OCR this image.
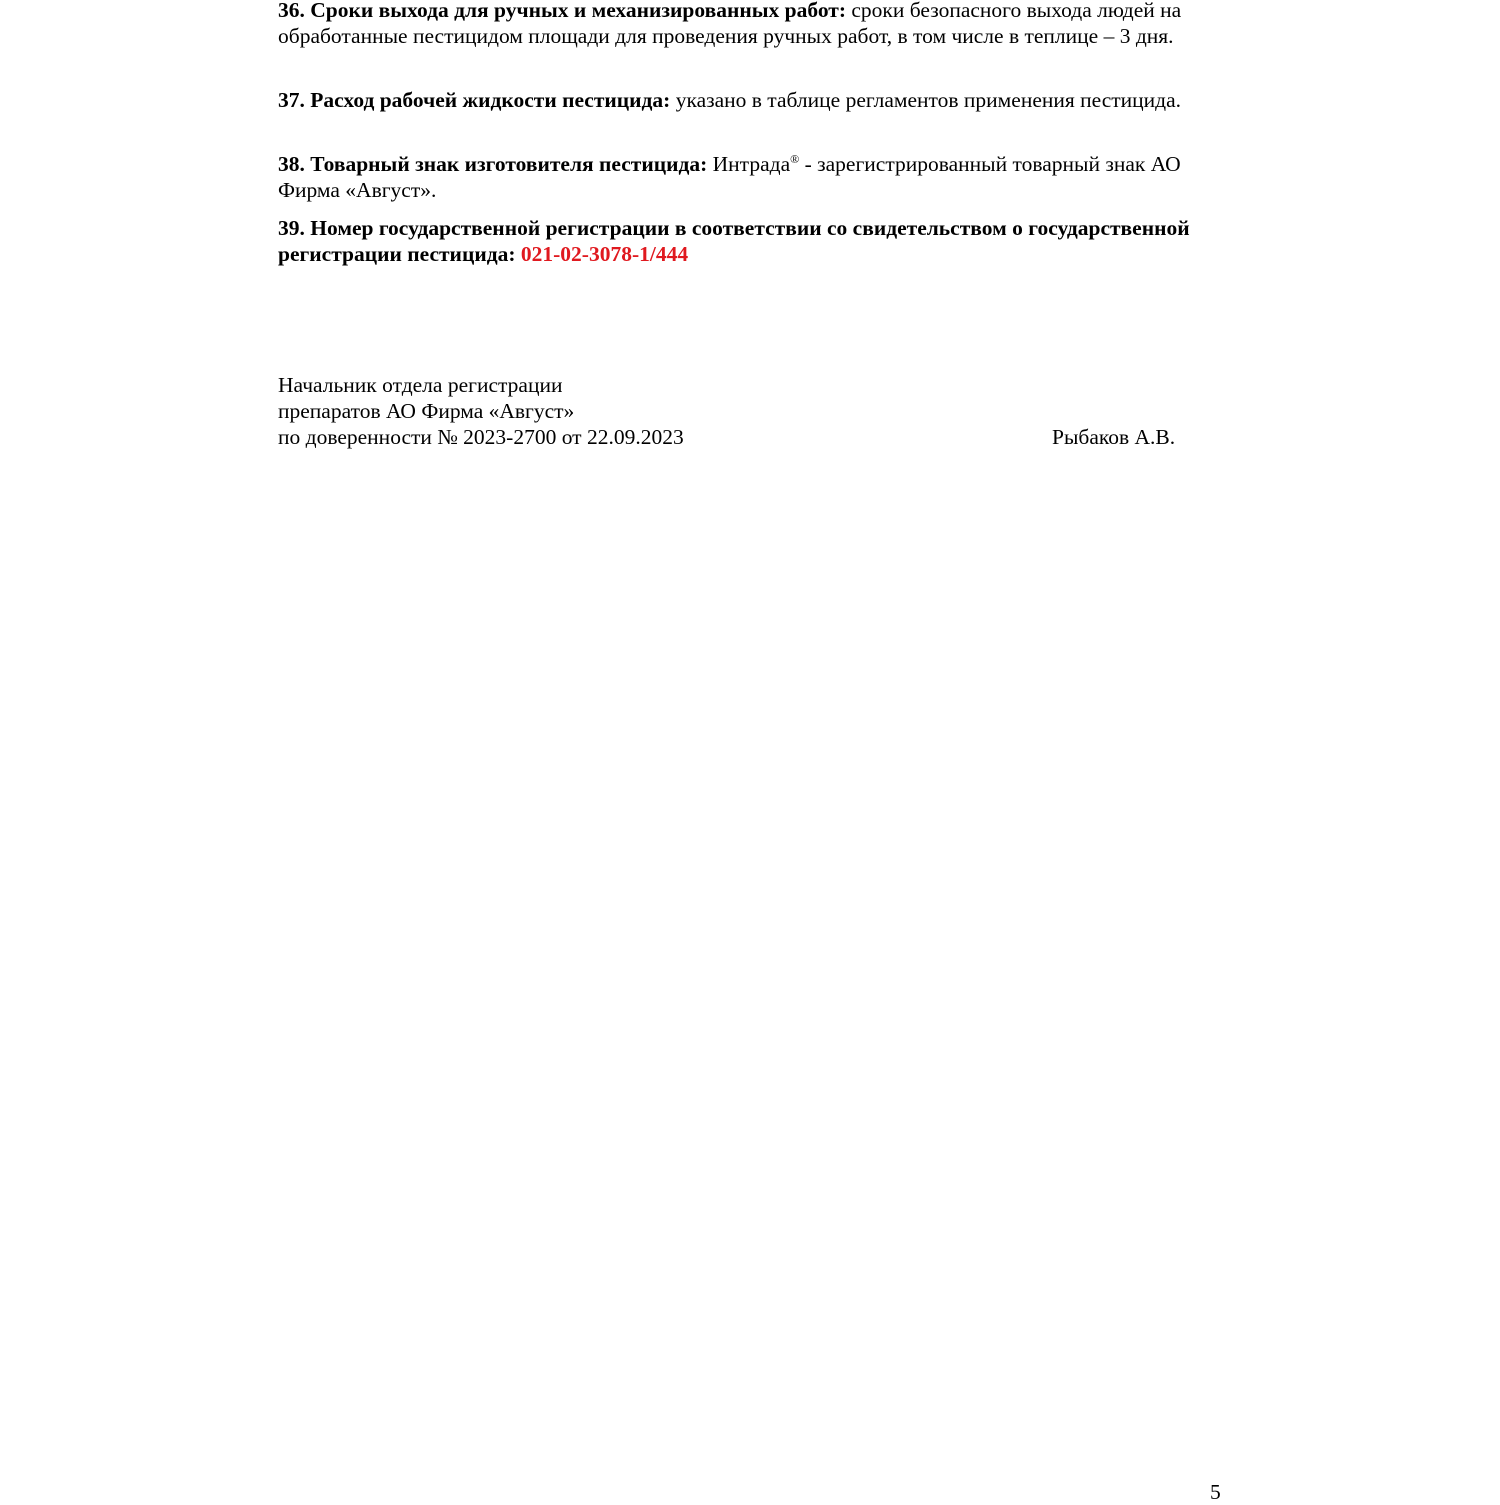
36. Сроки выхода для ручных и механизированных работ: сроки безопасного выхода людей на обработанные пестицидом площади для проведения ручных работ, в том числе в теплице – 3 дня.

37. Расход рабочей жидкости пестицида: указано в таблице регламентов применения пестицида.

38. Товарный знак изготовителя пестицида: Интрада® - зарегистрированный товарный знак АО Фирма «Август».

39. Номер государственной регистрации в соответствии со свидетельством о государственной регистрации пестицида: 021-02-3078-1/444

Начальник отдела регистрации
препаратов АО Фирма «Август»
по доверенности № 2023-2700 от 22.09.2023	Рыбаков А.В.
5
